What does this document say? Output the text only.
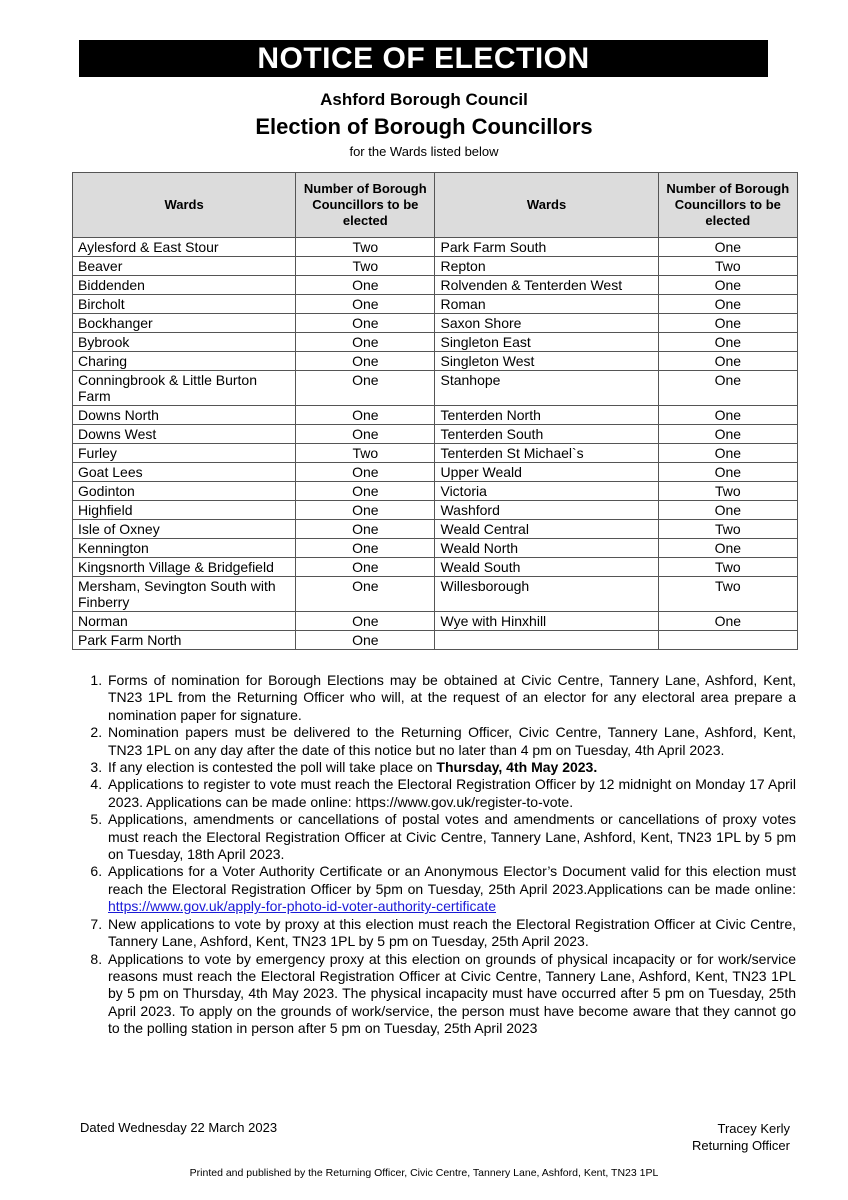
NOTICE OF ELECTION
Ashford Borough Council
Election of Borough Councillors
for the Wards listed below
Wards	Number of Borough Councillors to be elected	Wards	Number of Borough Councillors to be elected
Aylesford & East Stour	Two	Park Farm South	One
Beaver	Two	Repton	Two
Biddenden	One	Rolvenden & Tenterden West	One
Bircholt	One	Roman	One
Bockhanger	One	Saxon Shore	One
Bybrook	One	Singleton East	One
Charing	One	Singleton West	One
Conningbrook & Little Burton Farm	One	Stanhope	One
Downs North	One	Tenterden North	One
Downs West	One	Tenterden South	One
Furley	Two	Tenterden St Michael`s	One
Goat Lees	One	Upper Weald	One
Godinton	One	Victoria	Two
Highfield	One	Washford	One
Isle of Oxney	One	Weald Central	Two
Kennington	One	Weald North	One
Kingsnorth Village & Bridgefield	One	Weald South	Two
Mersham, Sevington South with Finberry	One	Willesborough	Two
Norman	One	Wye with Hinxhill	One
Park Farm North	One		
1. Forms of nomination for Borough Elections may be obtained at Civic Centre, Tannery Lane, Ashford, Kent, TN23 1PL from the Returning Officer who will, at the request of an elector for any electoral area prepare a nomination paper for signature.
2. Nomination papers must be delivered to the Returning Officer, Civic Centre, Tannery Lane, Ashford, Kent, TN23 1PL on any day after the date of this notice but no later than 4 pm on Tuesday, 4th April 2023.
3. If any election is contested the poll will take place on Thursday, 4th May 2023.
4. Applications to register to vote must reach the Electoral Registration Officer by 12 midnight on Monday 17 April 2023. Applications can be made online: https://www.gov.uk/register-to-vote.
5. Applications, amendments or cancellations of postal votes and amendments or cancellations of proxy votes must reach the Electoral Registration Officer at Civic Centre, Tannery Lane, Ashford, Kent, TN23 1PL by 5 pm on Tuesday, 18th April 2023.
6. Applications for a Voter Authority Certificate or an Anonymous Elector’s Document valid for this election must reach the Electoral Registration Officer by 5pm on Tuesday, 25th April 2023.Applications can be made online: https://www.gov.uk/apply-for-photo-id-voter-authority-certificate
7. New applications to vote by proxy at this election must reach the Electoral Registration Officer at Civic Centre, Tannery Lane, Ashford, Kent, TN23 1PL by 5 pm on Tuesday, 25th April 2023.
8. Applications to vote by emergency proxy at this election on grounds of physical incapacity or for work/service reasons must reach the Electoral Registration Officer at Civic Centre, Tannery Lane, Ashford, Kent, TN23 1PL by 5 pm on Thursday, 4th May 2023. The physical incapacity must have occurred after 5 pm on Tuesday, 25th April 2023. To apply on the grounds of work/service, the person must have become aware that they cannot go to the polling station in person after 5 pm on Tuesday, 25th April 2023
Dated Wednesday 22 March 2023	Tracey Kerly
Returning Officer
Printed and published by the Returning Officer, Civic Centre, Tannery Lane, Ashford, Kent, TN23 1PL
